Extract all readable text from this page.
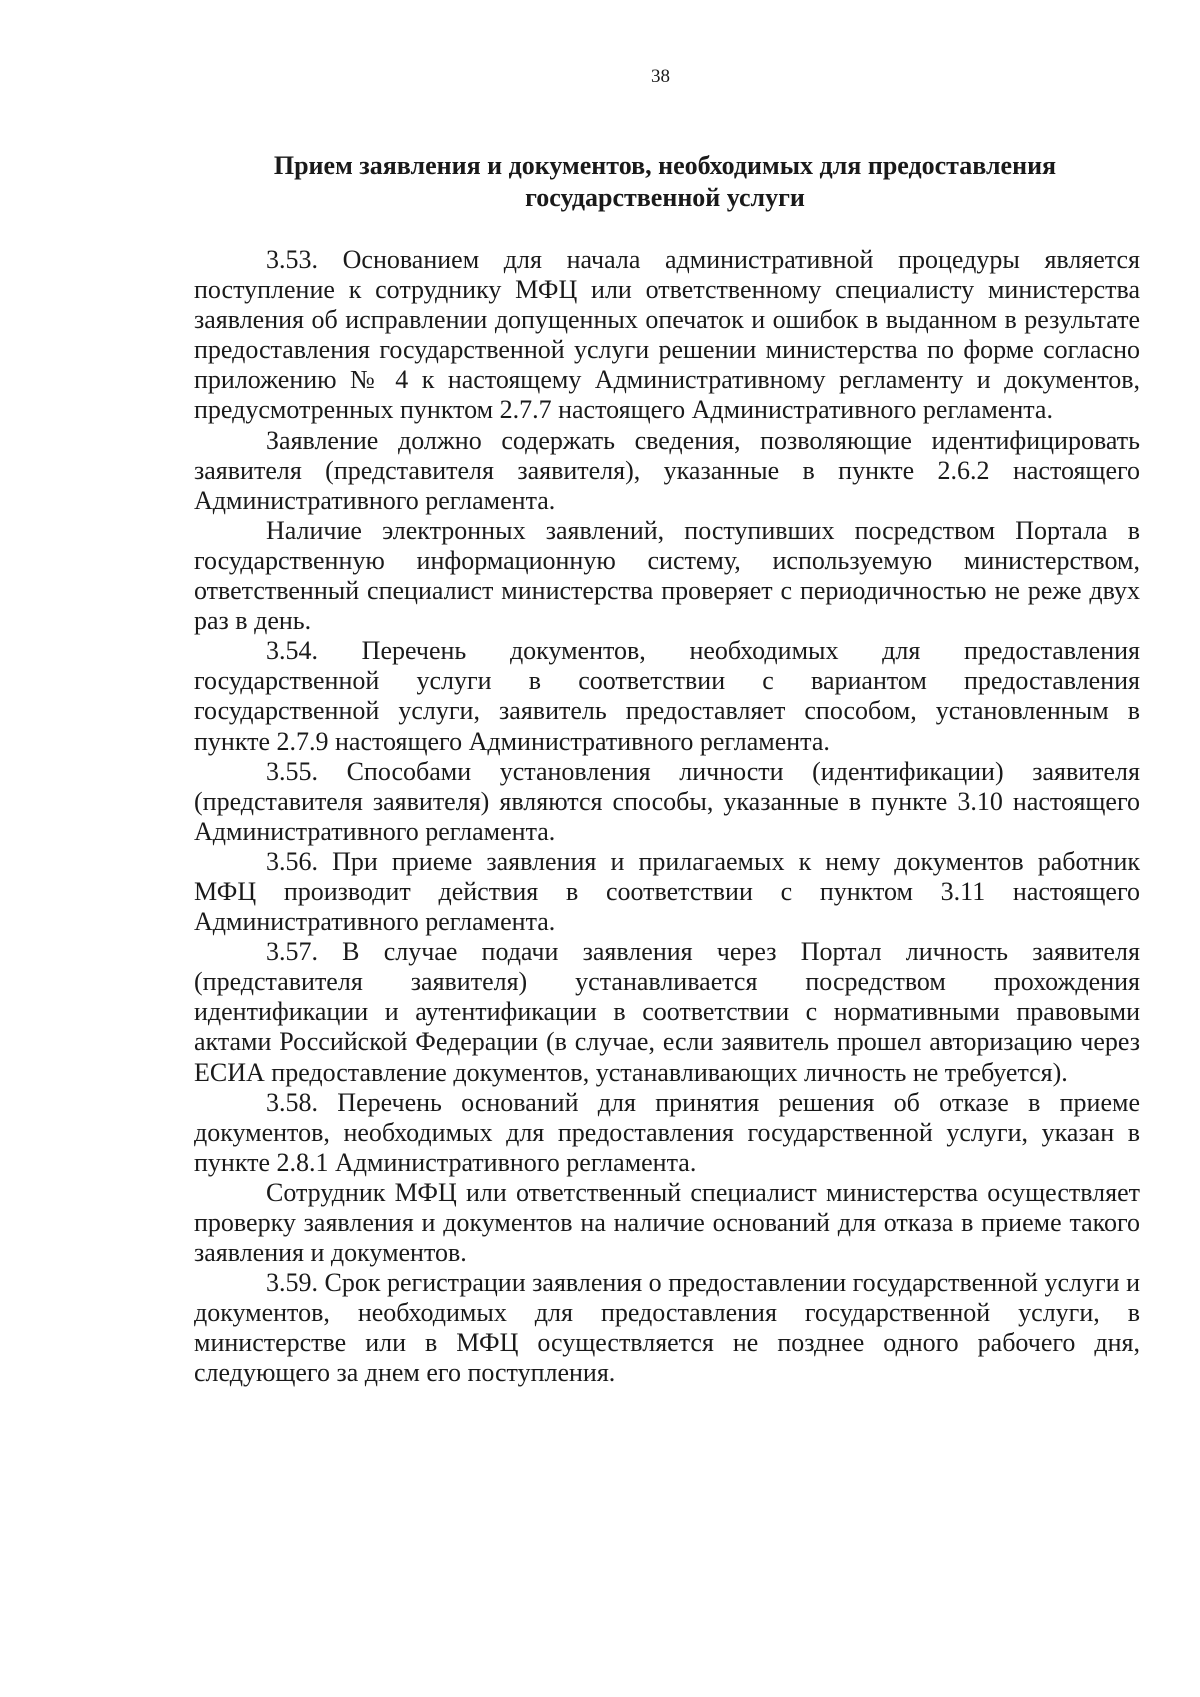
38

Прием заявления и документов, необходимых для предоставления
государственной услуги

3.53. Основанием для начала административной процедуры является поступление к сотруднику МФЦ или ответственному специалисту министерства заявления об исправлении допущенных опечаток и ошибок в выданном в результате предоставления государственной услуги решении министерства по форме согласно приложению № 4 к настоящему Административному регламенту и документов, предусмотренных пунктом 2.7.7 настоящего Административного регламента.

Заявление должно содержать сведения, позволяющие идентифицировать заявителя (представителя заявителя), указанные в пункте 2.6.2 настоящего Административного регламента.

Наличие электронных заявлений, поступивших посредством Портала в государственную информационную систему, используемую министерством, ответственный специалист министерства проверяет с периодичностью не реже двух раз в день.

3.54. Перечень документов, необходимых для предоставления государственной услуги в соответствии с вариантом предоставления государственной услуги, заявитель предоставляет способом, установленным в пункте 2.7.9 настоящего Административного регламента.

3.55. Способами установления личности (идентификации) заявителя (представителя заявителя) являются способы, указанные в пункте 3.10 настоящего Административного регламента.

3.56. При приеме заявления и прилагаемых к нему документов работник МФЦ производит действия в соответствии с пунктом 3.11 настоящего Административного регламента.

3.57. В случае подачи заявления через Портал личность заявителя (представителя заявителя) устанавливается посредством прохождения идентификации и аутентификации в соответствии с нормативными правовыми актами Российской Федерации (в случае, если заявитель прошел авторизацию через ЕСИА предоставление документов, устанавливающих личность не требуется).

3.58. Перечень оснований для принятия решения об отказе в приеме документов, необходимых для предоставления государственной услуги, указан в пункте 2.8.1 Административного регламента.

Сотрудник МФЦ или ответственный специалист министерства осуществляет проверку заявления и документов на наличие оснований для отказа в приеме такого заявления и документов.

3.59. Срок регистрации заявления о предоставлении государственной услуги и документов, необходимых для предоставления государственной услуги, в министерстве или в МФЦ осуществляется не позднее одного рабочего дня, следующего за днем его поступления.
